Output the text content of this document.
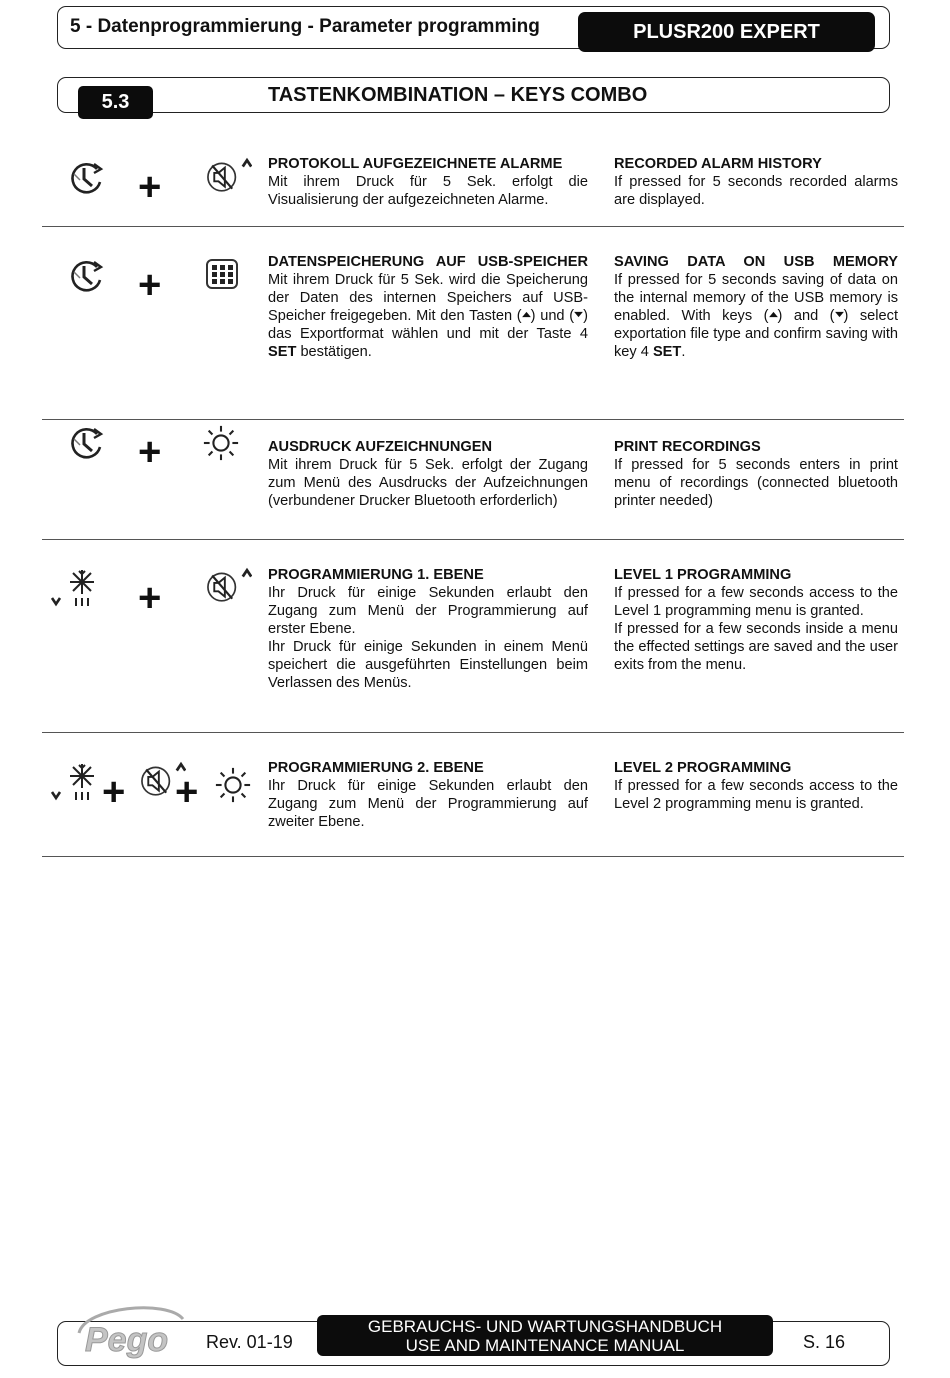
5 - Datenprogrammierung - Parameter programming	PLUSR200 EXPERT
5.3	TASTENKOMBINATION – KEYS COMBO
+
PROTOKOLL AUFGEZEICHNETE ALARME
Mit ihrem Druck für 5 Sek. erfolgt die Visualisierung der aufgezeichneten Alarme.
RECORDED ALARM HISTORY
If pressed for 5 seconds recorded alarms are displayed.
+
DATENSPEICHERUNG AUF USB-SPEICHER
Mit ihrem Druck für 5 Sek. wird die Speicherung der Daten des internen Speichers auf USB-Speicher freigegeben. Mit den Tasten ( ) und ( ) das Exportformat wählen und mit der Taste 4 SET bestätigen.
SAVING DATA ON USB MEMORY
If pressed for 5 seconds saving of data on the internal memory of the USB memory is enabled. With keys ( ) and ( ) select exportation file type and confirm saving with key 4 SET.
+	AUSDRUCK AUFZEICHNUNGEN
Mit ihrem Druck für 5 Sek. erfolgt der Zugang zum Menü des Ausdrucks der Aufzeichnungen (verbundener Drucker Bluetooth erforderlich)
PRINT RECORDINGS
If pressed for 5 seconds enters in print menu of recordings (connected bluetooth printer needed)
+
PROGRAMMIERUNG 1. EBENE
Ihr Druck für einige Sekunden erlaubt den Zugang zum Menü der Programmierung auf erster Ebene.
Ihr Druck für einige Sekunden in einem Menü speichert die ausgeführten Einstellungen beim Verlassen des Menüs.
LEVEL 1 PROGRAMMING
If pressed for a few seconds access to the Level 1 programming menu is granted.
If pressed for a few seconds inside a menu the effected settings are saved and the user exits from the menu.
+ +
PROGRAMMIERUNG 2. EBENE
Ihr Druck für einige Sekunden erlaubt den Zugang zum Menü der Programmierung auf zweiter Ebene.
LEVEL 2 PROGRAMMING
If pressed for a few seconds access to the Level 2 programming menu is granted.
Pego Rev. 01-19
GEBRAUCHS- UND WARTUNGSHANDBUCH
USE AND MAINTENANCE MANUAL	S. 16
